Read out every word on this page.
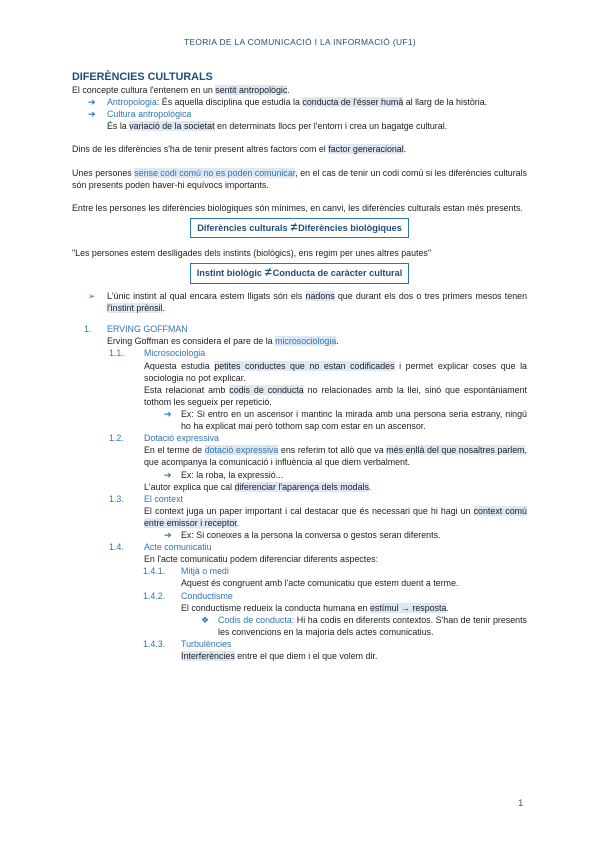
TEORIA DE LA COMUNICACIÓ I LA INFORMACIÓ (UF1)

DIFERÈNCIES CULTURALS

El concepte cultura l'entenem en un sentit antropològic.

➔ Antropologia: És aquella disciplina que estudia la conducta de l'ésser humà al llarg de la història.

➔ Cultura antropològica

És la variació de la societat en determinats llocs per l'entorn i crea un bagatge cultural.

Dins de les diferències s'ha de tenir present altres factors com el factor generacional.

Unes persones sense codi comú no es poden comunicar, en el cas de tenir un codi comú si les diferències culturals són presents poden haver-hi equívocs importants.

Entre les persones les diferències biològiques són mínimes, en canvi, les diferències culturals estan més presents.

Diferències culturals ≠ Diferències biològiques

"Les persones estem deslligades dels instints (biològics), ens regim per unes altres pautes"

Instint biològic ≠ Conducta de caràcter cultural
➢ L'únic instint al qual encara estem lligats són els nadons que durant els dos o tres primers mesos tenen l'instint prènsil.

1. ERVING GOFFMAN

Erving Goffman es considera el pare de la microsociologia.

1.1. Microsociologia

Aquesta estudia petites conductes que no estan codificades i permet explicar coses que la sociologia no pot explicar.

Esta relacionat amb codis de conducta no relacionades amb la llei, sinó que espontàniament tothom les segueix per repetició.

➔ Ex: Si entro en un ascensor i mantinc la mirada amb una persona seria estrany, ningú ho ha explicat mai però tothom sap com estar en un ascensor.

1.2. Dotació expressiva

En el terme de dotació expressiva ens referim tot allò que va més enllà del que nosaltres parlem, que acompanya la comunicació i influència al que diem verbalment.

➔ Ex: la roba, la expressió...

L'autor explica que cal diferenciar l'aparença dels modals.

1.3. El context

El context juga un paper important i cal destacar que és necessari que hi hagi un context comú entre emissor i receptor.

➔ Ex: Si coneixes a la persona la conversa o gestos seran diferents.

1.4. Acte comunicatiu

En l'acte comunicatiu podem diferenciar diferents aspectes:

1.4.1. Mitjà o medi

Aquest és congruent amb l'acte comunicatiu que estem duent a terme.

1.4.2. Conductisme

El conductisme redueix la conducta humana en estímul → resposta.

❖ Codis de conducta: Hi ha codis en diferents contextos. S'han de tenir presents les convencions en la majoria dels actes comunicatius.

1.4.3. Turbulències

Interferències entre el que diem i el que volem dir.

1
